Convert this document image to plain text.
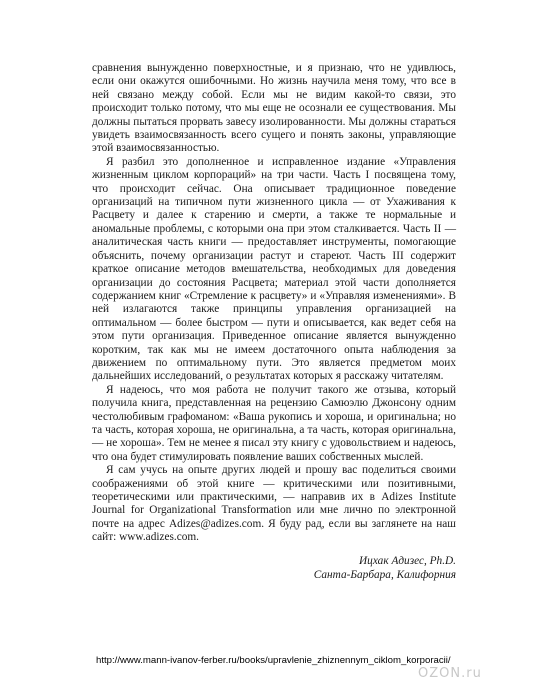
сравнения вынужденно поверхностные, и я признаю, что не удивлюсь, если они окажутся ошибочными. Но жизнь научила меня тому, что все в ней связано между собой. Если мы не видим какой-то связи, это происходит только потому, что мы еще не осознали ее существования. Мы должны пытаться прорвать завесу изолированности. Мы должны стараться увидеть взаимосвязанность всего сущего и понять законы, управляющие этой взаимосвязанностью.

Я разбил это дополненное и исправленное издание «Управления жизненным циклом корпораций» на три части. Часть I посвящена тому, что происходит сейчас. Она описывает традиционное поведение организаций на типичном пути жизненного цикла — от Ухаживания к Расцвету и далее к старению и смерти, а также те нормальные и аномальные проблемы, с которыми она при этом сталкивается. Часть II — аналитическая часть книги — предоставляет инструменты, помогающие объяснить, почему организации растут и стареют. Часть III содержит краткое описание методов вмешательства, необходимых для доведения организации до состояния Расцвета; материал этой части дополняется содержанием книг «Стремление к расцвету» и «Управляя изменениями». В ней излагаются также принципы управления организацией на оптимальном — более быстром — пути и описывается, как ведет себя на этом пути организация. Приведенное описание является вынужденно коротким, так как мы не имеем достаточного опыта наблюдения за движением по оптимальному пути. Это является предметом моих дальнейших исследований, о результатах которых я расскажу читателям.

Я надеюсь, что моя работа не получит такого же отзыва, который получила книга, представленная на рецензию Самюэлю Джонсону одним честолюбивым графоманом: «Ваша рукопись и хороша, и оригинальна; но та часть, которая хороша, не оригинальна, а та часть, которая оригинальна, — не хороша». Тем не менее я писал эту книгу с удовольствием и надеюсь, что она будет стимулировать появление ваших собственных мыслей.

Я сам учусь на опыте других людей и прошу вас поделиться своими соображениями об этой книге — критическими или позитивными, теоретическими или практическими, — направив их в Adizes Institute Journal for Organizational Transformation или мне лично по электронной почте на адрес Adizes@adizes.com. Я буду рад, если вы заглянете на наш сайт: www.adizes.com.

Ицхак Адизес, Ph.D.
Санта-Барбара, Калифорния
http://www.mann-ivanov-ferber.ru/books/upravlenie_zhiznennym_ciklom_korporacii/
OZON.ru
